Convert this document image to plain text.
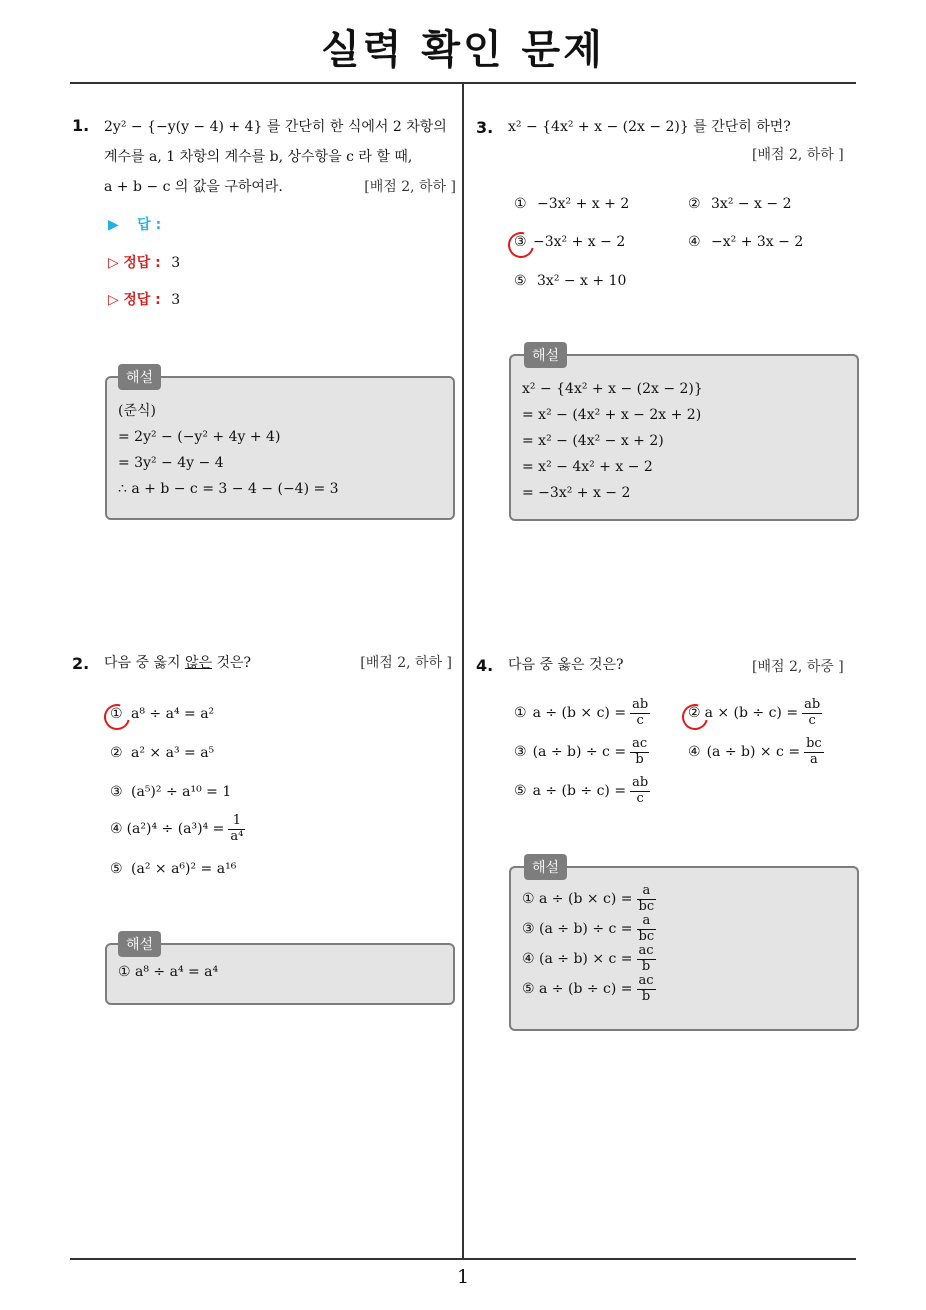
실력 확인 문제
1
1. 2y² − {−y(y − 4) + 4} 를 간단히 한 식에서 2 차항의
계수를 a, 1 차항의 계수를 b, 상수항을 c 라 할 때,
a + b − c 의 값을 구하여라.	[배점 2, 하하 ]
▶ 답 :
▷ 정답 : 3
▷ 정답 : 3
해설
(준식)
= 2y² − (−y² + 4y + 4)
= 3y² − 4y − 4
∴ a + b − c = 3 − 4 − (−4) = 3
2. 다음 중 옳지 않은 것은?	[배점 2, 하하 ]
① a⁸ ÷ a⁴ = a²
② a² × a³ = a⁵
③ (a⁵)² ÷ a¹⁰ = 1
④ $(a^2)^4 \div (a^3)^4 = \frac{1}{\text{a⁴}}$
⑤ (a² × a⁶)² = a¹⁶
해설
① a⁸ ÷ a⁴ = a⁴
3. x² − {4x² + x − (2x − 2)} 를 간단히 하면?
[배점 2, 하하 ]
① −3x² + x + 2	② 3x² − x − 2
③ −3x² + x − 2	④ −x² + 3x − 2
⑤ 3x² − x + 10
해설
x² − {4x² + x − (2x − 2)}
= x² − (4x² + x − 2x + 2)
= x² − (4x² − x + 2)
= x² − 4x² + x − 2
= −3x² + x − 2
4. 다음 중 옳은 것은?	[배점 2, 하중 ]
① $a \div (b \times c) = \frac{ab}{c}$	② $a \times (b \div c) = \frac{ab}{c}$
③ $(a \div b) \div c = \frac{ac}{b}$	④ $(a \div b) \times c = \frac{bc}{a}$
⑤ $a \div (b \div c) = \frac{ab}{c}$
해설
① $a \div (b \times c) = \frac{a}{bc}$
③ $(a \div b) \div c = \frac{a}{bc}$
④ $(a \div b) \times c = \frac{ac}{b}$
⑤ $a \div (b \div c) = \frac{ac}{b}$
